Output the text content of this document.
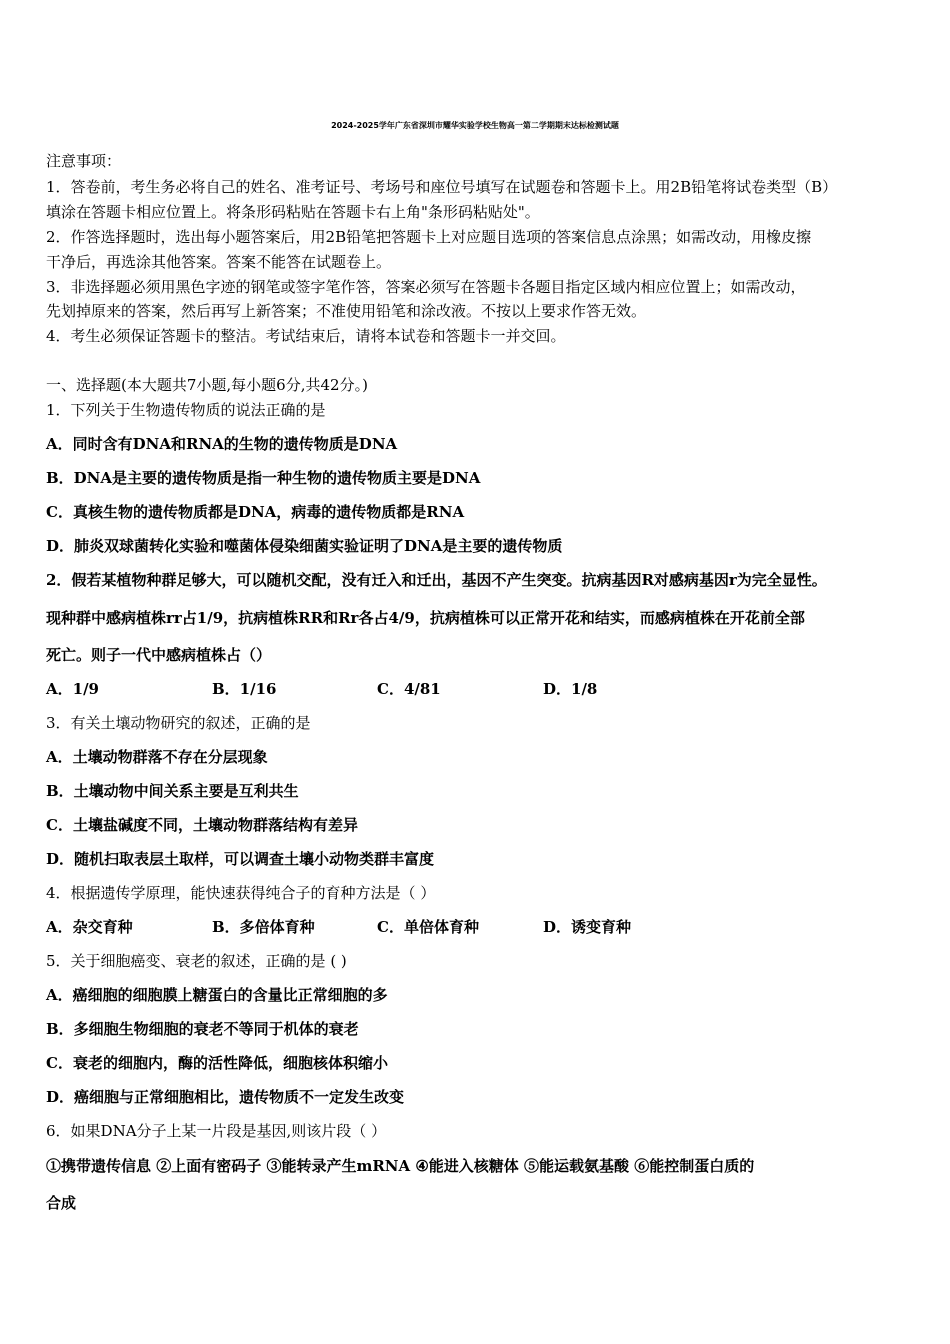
2024-2025学年广东省深圳市耀华实验学校生物高一第二学期期末达标检测试题
注意事项：
1．答卷前，考生务必将自己的姓名、准考证号、考场号和座位号填写在试题卷和答题卡上。用2B铅笔将试卷类型（B）
填涂在答题卡相应位置上。将条形码粘贴在答题卡右上角"条形码粘贴处"。
2．作答选择题时，选出每小题答案后，用2B铅笔把答题卡上对应题目选项的答案信息点涂黑；如需改动，用橡皮擦
干净后，再选涂其他答案。答案不能答在试题卷上。
3．非选择题必须用黑色字迹的钢笔或签字笔作答，答案必须写在答题卡各题目指定区域内相应位置上；如需改动，
先划掉原来的答案，然后再写上新答案；不准使用铅笔和涂改液。不按以上要求作答无效。
4．考生必须保证答题卡的整洁。考试结束后，请将本试卷和答题卡一并交回。
一、选择题(本大题共7小题,每小题6分,共42分。)
1．下列关于生物遗传物质的说法正确的是
A．同时含有DNA和RNA的生物的遗传物质是DNA
B．DNA是主要的遗传物质是指一种生物的遗传物质主要是DNA
C．真核生物的遗传物质都是DNA，病毒的遗传物质都是RNA
D．肺炎双球菌转化实验和噬菌体侵染细菌实验证明了DNA是主要的遗传物质
2．假若某植物种群足够大，可以随机交配，没有迁入和迁出，基因不产生突变。抗病基因R对感病基因r为完全显性。
现种群中感病植株rr占1/9，抗病植株RR和Rr各占4/9，抗病植株可以正常开花和结实，而感病植株在开花前全部
死亡。则子一代中感病植株占（）
A．1/9	B．1/16	C．4/81	D．1/8
3．有关土壤动物研究的叙述，正确的是
A．土壤动物群落不存在分层现象
B．土壤动物中间关系主要是互利共生
C．土壤盐碱度不同，土壤动物群落结构有差异
D．随机扫取表层土取样，可以调查土壤小动物类群丰富度
4．根据遗传学原理，能快速获得纯合子的育种方法是（ ）
A．杂交育种	B．多倍体育种	C．单倍体育种	D．诱变育种
5．关于细胞癌变、衰老的叙述，正确的是 ( )
A．癌细胞的细胞膜上糖蛋白的含量比正常细胞的多
B．多细胞生物细胞的衰老不等同于机体的衰老
C．衰老的细胞内，酶的活性降低，细胞核体积缩小
D．癌细胞与正常细胞相比，遗传物质不一定发生改变
6．如果DNA分子上某一片段是基因,则该片段（ ）
①携带遗传信息 ②上面有密码子 ③能转录产生mRNA ④能进入核糖体 ⑤能运载氨基酸 ⑥能控制蛋白质的
合成
